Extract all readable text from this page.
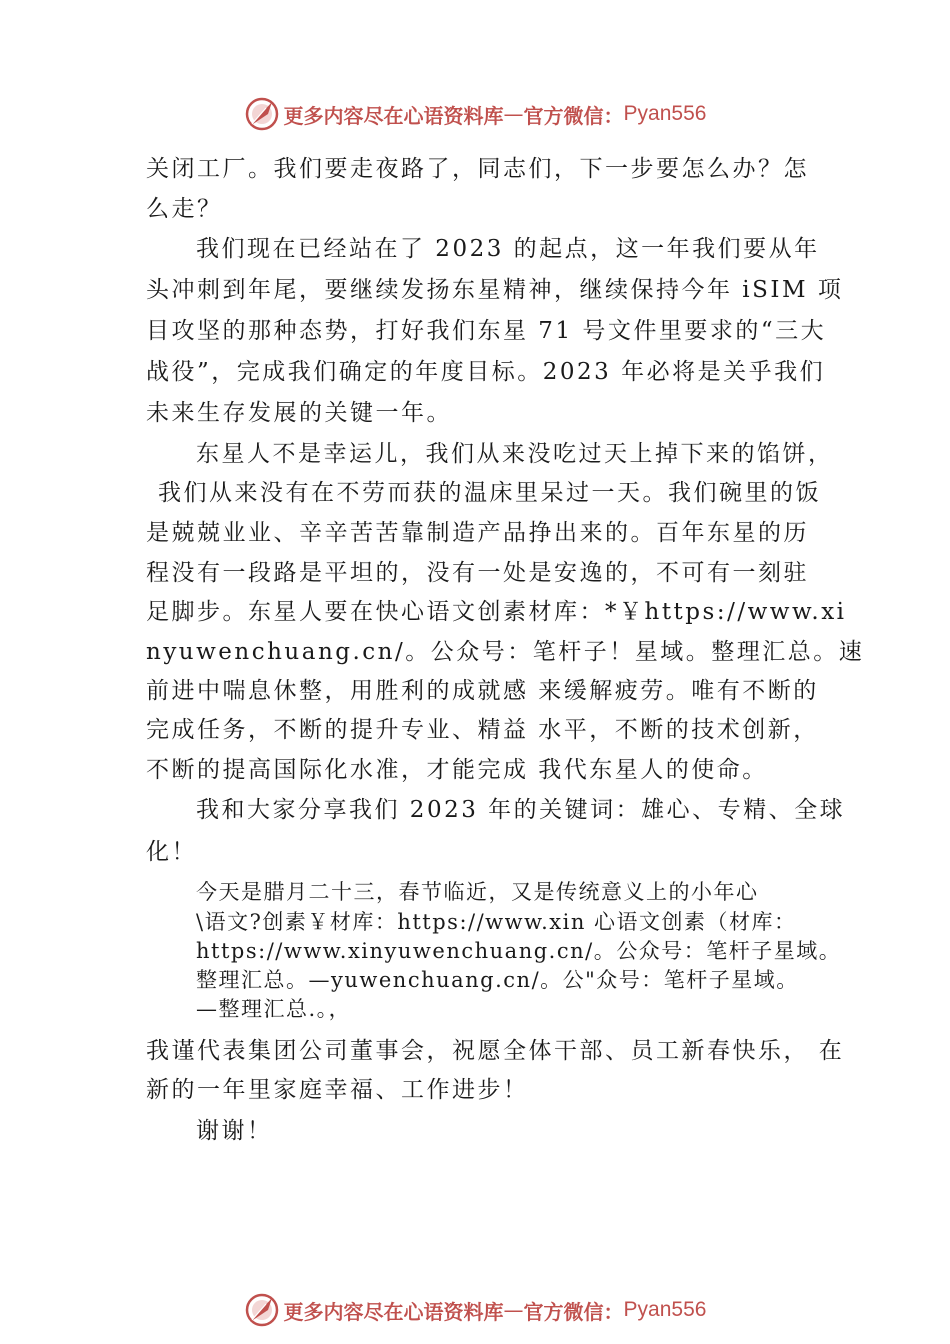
更多内容尽在心语资料库 — 官方微信： Pyan556
关闭工厂。我们要走夜路了，同志们，下一步要怎么办？怎
么走？
我们现在已经站在了 2023 的起点，这一年我们要从年
头冲刺到年尾，要继续发扬东星精神，继续保持今年 iSIM 项
目攻坚的那种态势，打好我们东星 71 号文件里要求的“三大
战役”，完成我们确定的年度目标。2023 年必将是关乎我们
未来生存发展的关键一年。
东星人不是幸运儿，我们从来没吃过天上掉下来的馅饼，
我们从来没有在不劳而获的温床里呆过一天。我们碗里的饭
是兢兢业业、辛辛苦苦靠制造产品挣出来的。百年东星的历
程没有一段路是平坦的，没有一处是安逸的，不可有一刻驻
足脚步。东星人要在快心语文创素材库：*￥https://www.xi
nyuwenchuang.cn/。公众号：笔杆子！星域。整理汇总。速
前进中喘息休整，用胜利的成就感 来缓解疲劳。唯有不断的
完成任务，不断的提升专业、精益 水平，不断的技术创新，
不断的提高国际化水准，才能完成 我代东星人的使命。
我和大家分享我们 2023 年的关键词：雄心、专精、全球
化！
今天是腊月二十三，春节临近，又是传统意义上的小年心
\语文?创素￥材库：https://www.xin 心语文创素（材库：
https://www.xinyuwenchuang.cn/。公众号：笔杆子星域。
整理汇总。—yuwenchuang.cn/。公"众号：笔杆子星域。
—整理汇总.。，
我谨代表集团公司董事会，祝愿全体干部、员工新春快乐， 在
新的一年里家庭幸福、工作进步！
谢谢！
更多内容尽在心语资料库 — 官方微信： Pyan556
